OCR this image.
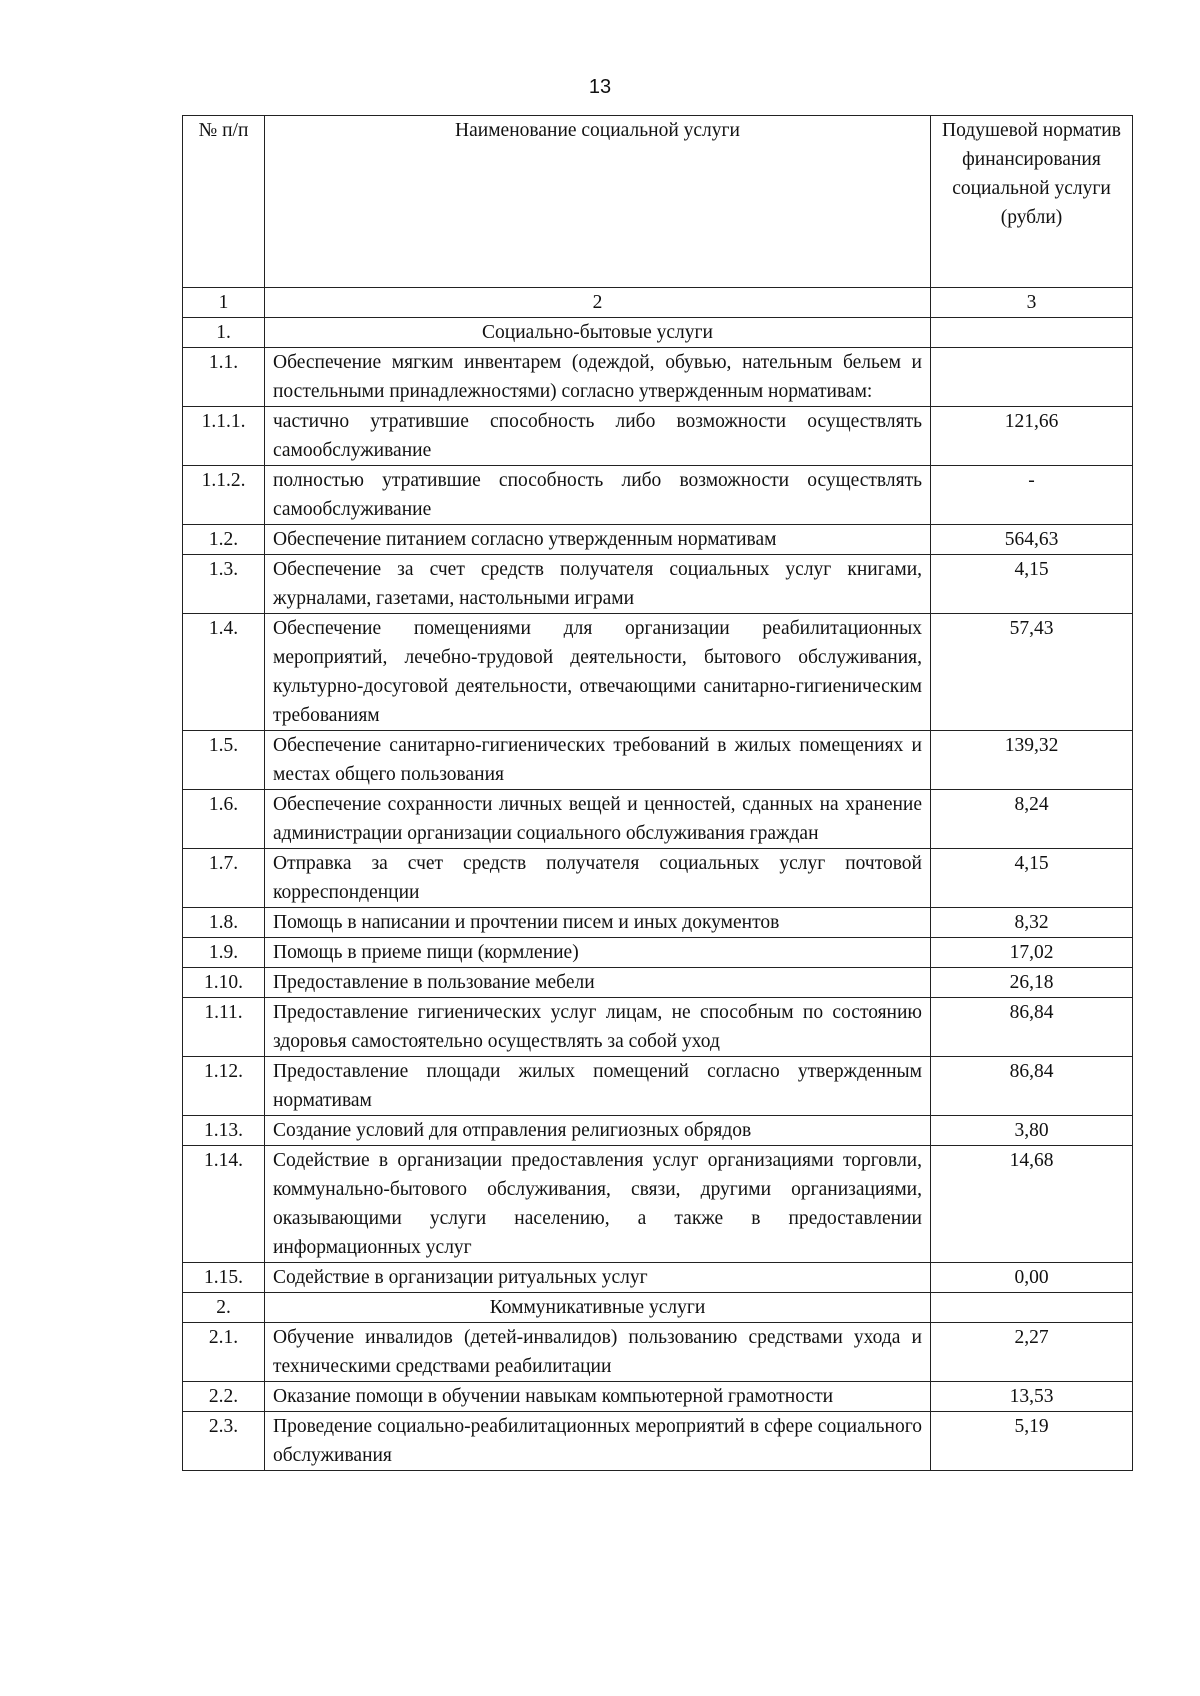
13
№ п/п	Наименование социальной услуги	Подушевой норматив финансирования социальной услуги (рубли)
1	2	3
1.	Социально-бытовые услуги	
1.1.	Обеспечение мягким инвентарем (одеждой, обувью, нательным бельем и постельными принадлежностями) согласно утвержденным нормативам:	
1.1.1.	частично утратившие способность либо возможности осуществлять самообслуживание	121,66
1.1.2.	полностью утратившие способность либо возможности осуществлять самообслуживание	-
1.2.	Обеспечение питанием согласно утвержденным нормативам	564,63
1.3.	Обеспечение за счет средств получателя социальных услуг книгами, журналами, газетами, настольными играми	4,15
1.4.	Обеспечение помещениями для организации реабилитационных мероприятий, лечебно-трудовой деятельности, бытового обслуживания, культурно-досуговой деятельности, отвечающими санитарно-гигиеническим требованиям	57,43
1.5.	Обеспечение санитарно-гигиенических требований в жилых помещениях и местах общего пользования	139,32
1.6.	Обеспечение сохранности личных вещей и ценностей, сданных на хранение администрации организации социального обслуживания граждан	8,24
1.7.	Отправка за счет средств получателя социальных услуг почтовой корреспонденции	4,15
1.8.	Помощь в написании и прочтении писем и иных документов	8,32
1.9.	Помощь в приеме пищи (кормление)	17,02
1.10.	Предоставление в пользование мебели	26,18
1.11.	Предоставление гигиенических услуг лицам, не способным по состоянию здоровья самостоятельно осуществлять за собой уход	86,84
1.12.	Предоставление площади жилых помещений согласно утвержденным нормативам	86,84
1.13.	Создание условий для отправления религиозных обрядов	3,80
1.14.	Содействие в организации предоставления услуг организациями торговли, коммунально-бытового обслуживания, связи, другими организациями, оказывающими услуги населению, а также в предоставлении информационных услуг	14,68
1.15.	Содействие в организации ритуальных услуг	0,00
2.	Коммуникативные услуги	
2.1.	Обучение инвалидов (детей-инвалидов) пользованию средствами ухода и техническими средствами реабилитации	2,27
2.2.	Оказание помощи в обучении навыкам компьютерной грамотности	13,53
2.3.	Проведение социально-реабилитационных мероприятий в сфере социального обслуживания	5,19
